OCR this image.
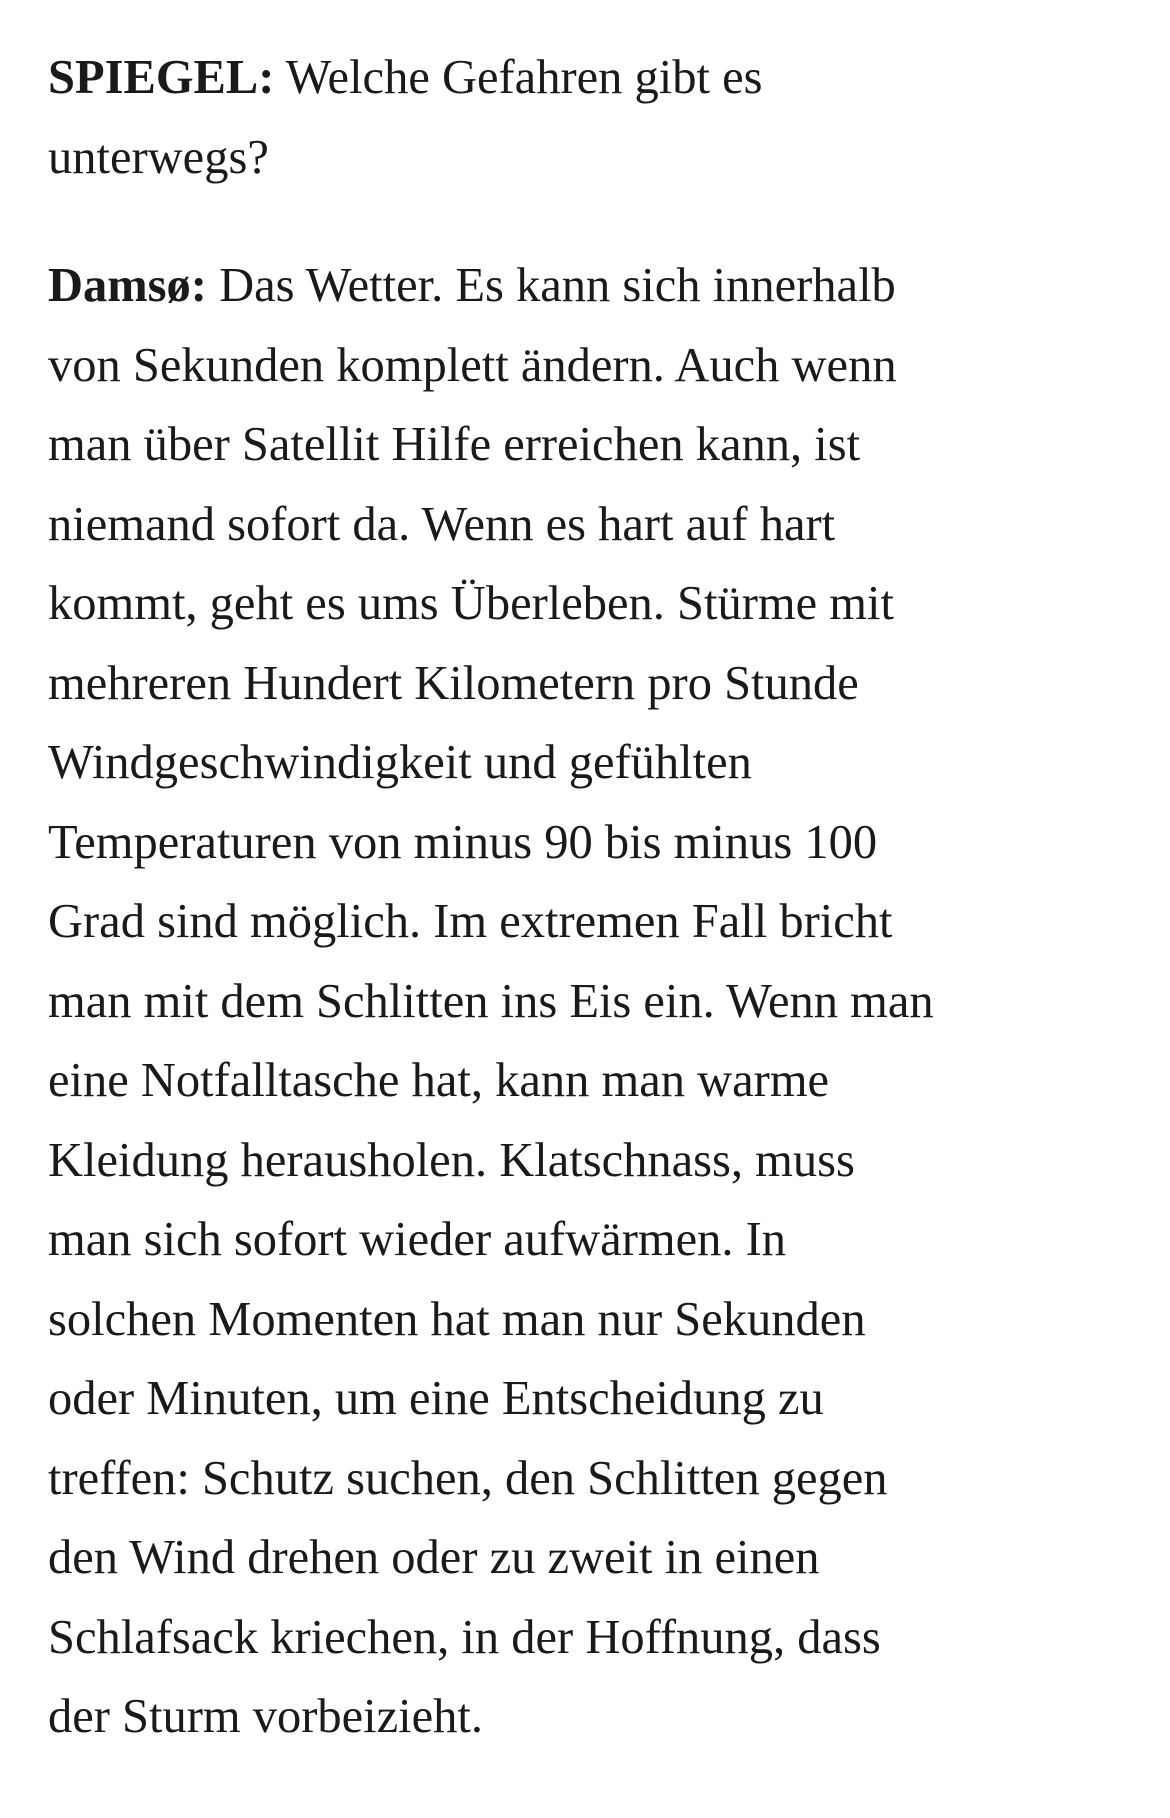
SPIEGEL: Welche Gefahren gibt es
unterwegs?

Damsø: Das Wetter. Es kann sich innerhalb
von Sekunden komplett ändern. Auch wenn
man über Satellit Hilfe erreichen kann, ist
niemand sofort da. Wenn es hart auf hart
kommt, geht es ums Überleben. Stürme mit
mehreren Hundert Kilometern pro Stunde
Windgeschwindigkeit und gefühlten
Temperaturen von minus 90 bis minus 100
Grad sind möglich. Im extremen Fall bricht
man mit dem Schlitten ins Eis ein. Wenn man
eine Notfalltasche hat, kann man warme
Kleidung herausholen. Klatschnass, muss
man sich sofort wieder aufwärmen. In
solchen Momenten hat man nur Sekunden
oder Minuten, um eine Entscheidung zu
treffen: Schutz suchen, den Schlitten gegen
den Wind drehen oder zu zweit in einen
Schlafsack kriechen, in der Hoffnung, dass
der Sturm vorbeizieht.
